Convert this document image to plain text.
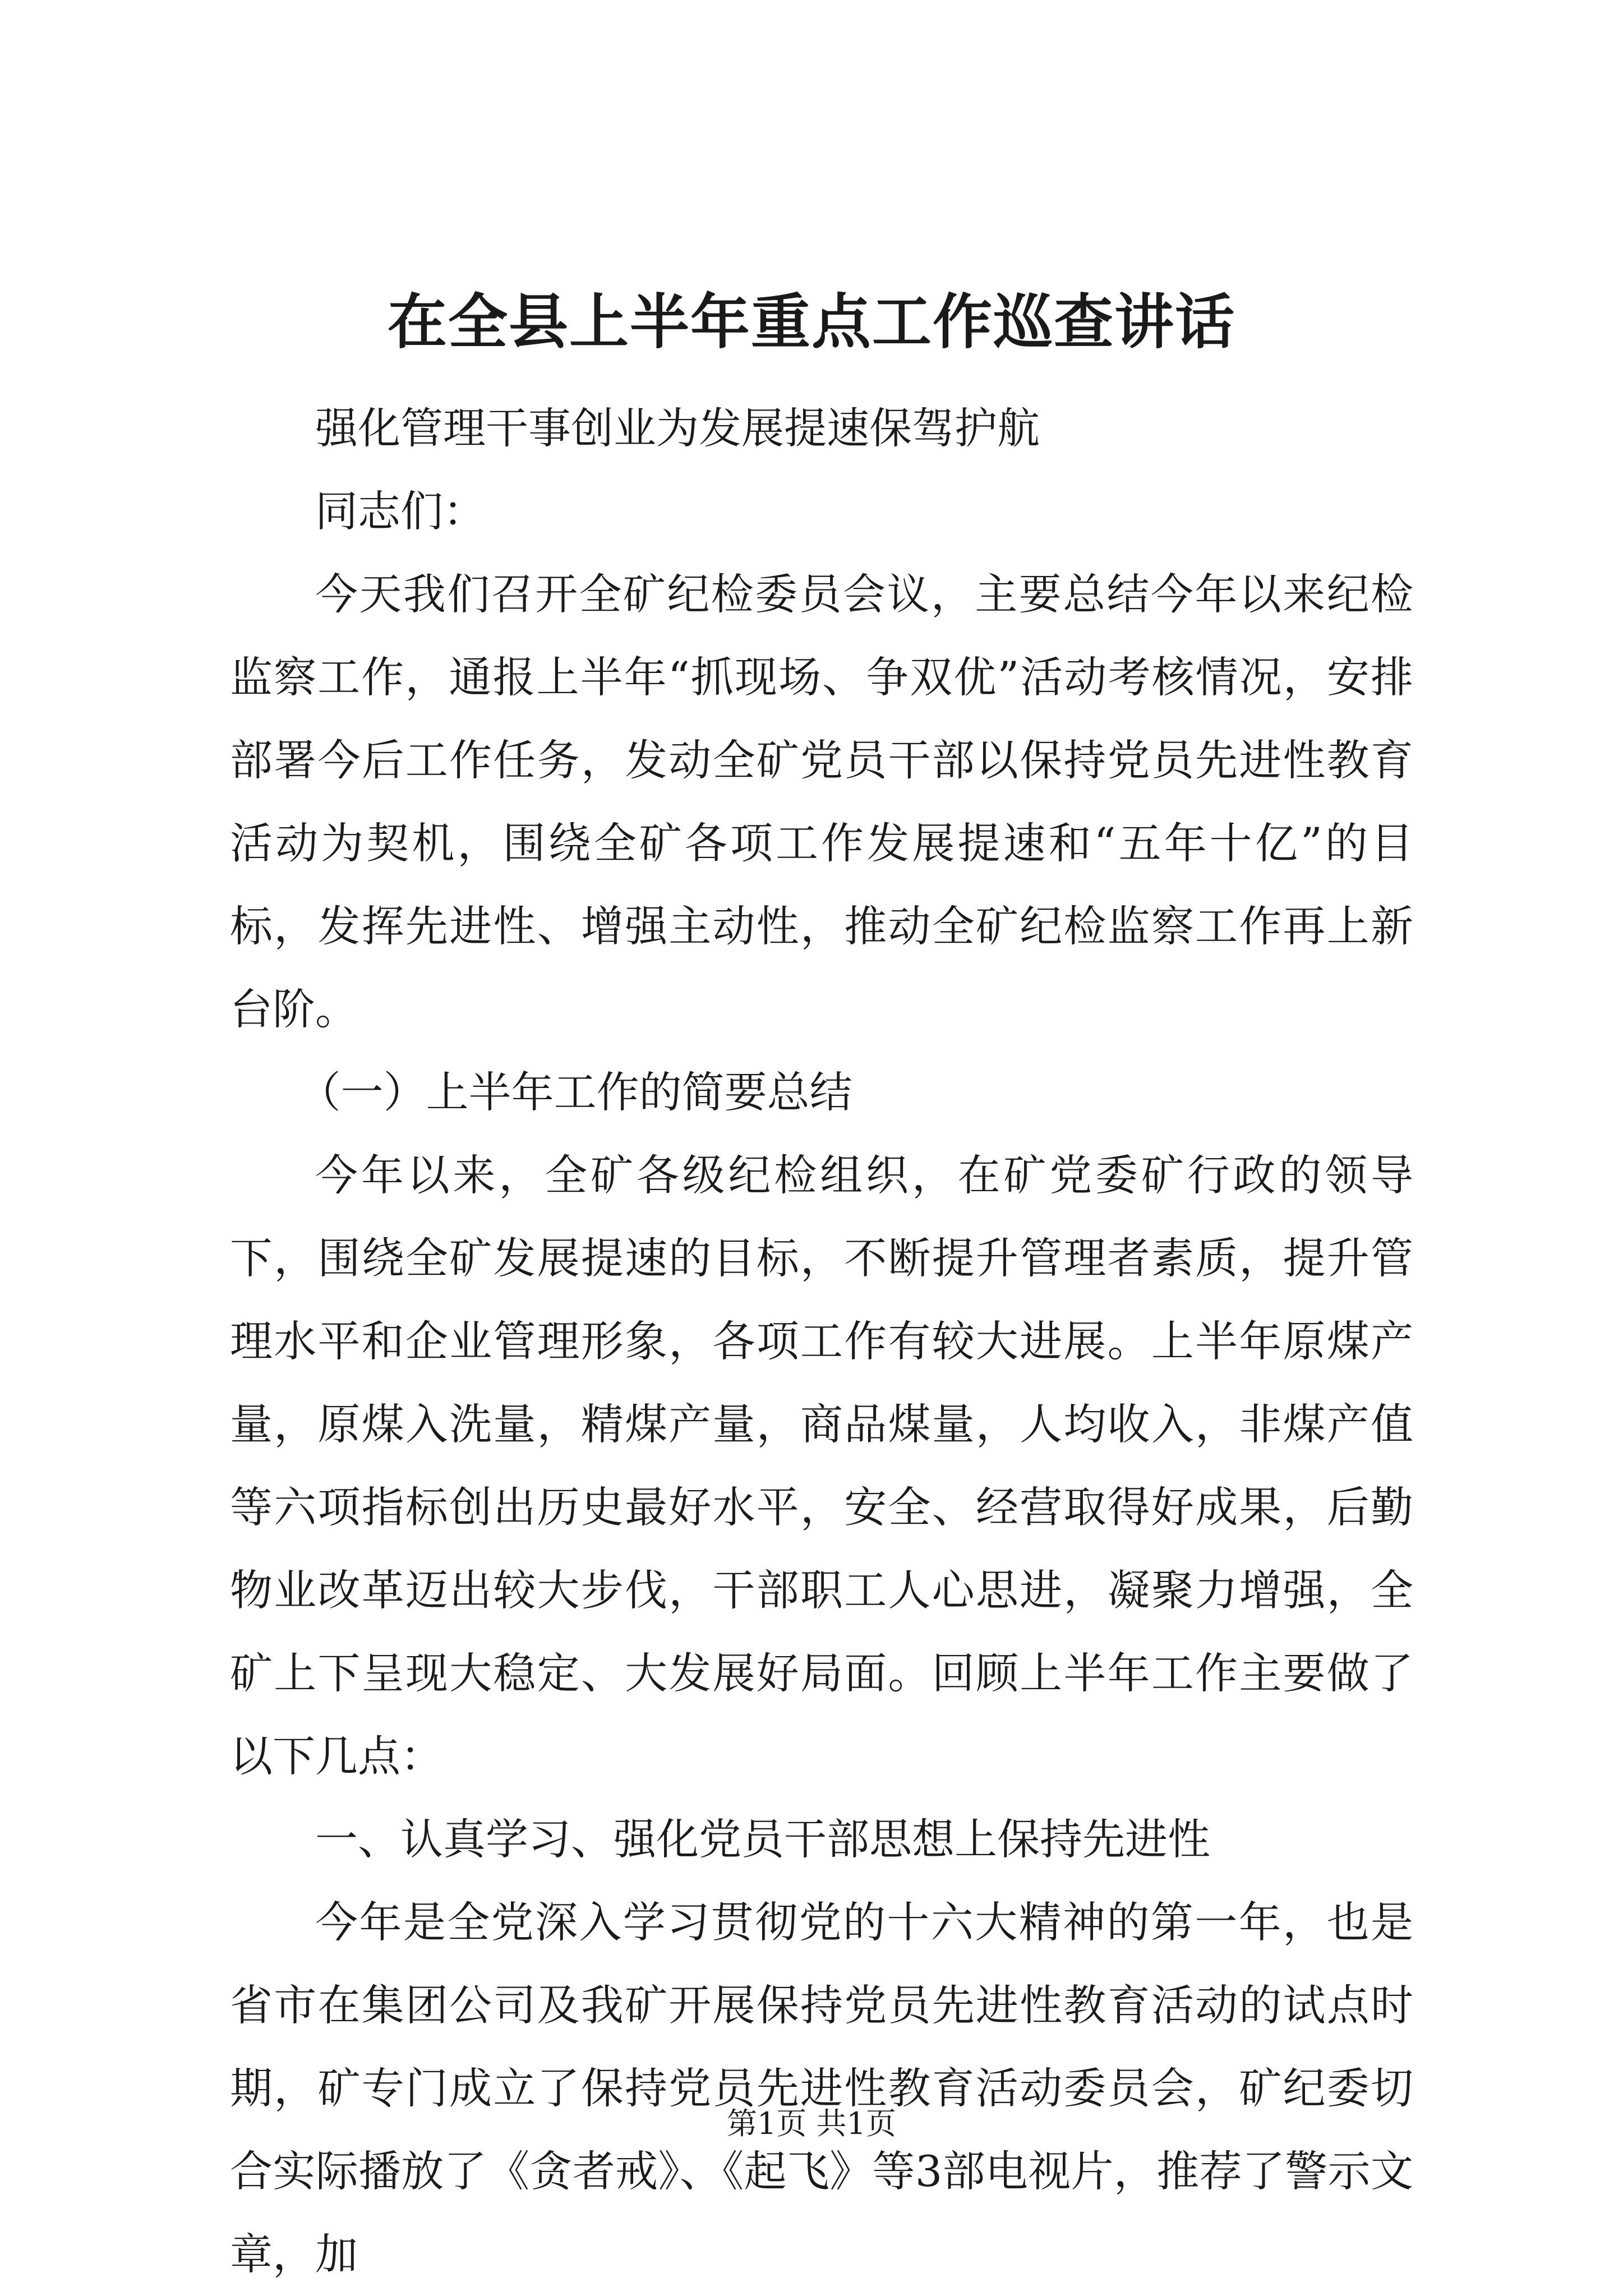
在全县上半年重点工作巡查讲话

强化管理干事创业为发展提速保驾护航

同志们：

今天我们召开全矿纪检委员会议，主要总结今年以来纪检监察工作，通报上半年“抓现场、争双优”活动考核情况，安排部署今后工作任务，发动全矿党员干部以保持党员先进性教育活动为契机，围绕全矿各项工作发展提速和“五年十亿”的目标，发挥先进性、增强主动性，推动全矿纪检监察工作再上新台阶。

（一）上半年工作的简要总结

今年以来，全矿各级纪检组织，在矿党委矿行政的领导下，围绕全矿发展提速的目标，不断提升管理者素质，提升管理水平和企业管理形象，各项工作有较大进展。上半年原煤产量，原煤入洗量，精煤产量，商品煤量，人均收入，非煤产值等六项指标创出历史最好水平，安全、经营取得好成果，后勤物业改革迈出较大步伐，干部职工人心思进，凝聚力增强，全矿上下呈现大稳定、大发展好局面。回顾上半年工作主要做了以下几点：

一、认真学习、强化党员干部思想上保持先进性

今年是全党深入学习贯彻党的十六大精神的第一年，也是省市在集团公司及我矿开展保持党员先进性教育活动的试点时期，矿专门成立了保持党员先进性教育活动委员会，矿纪委切合实际播放了《贪者戒》、《起飞》等3部电视片，推荐了警示文章，加

第1页 共1页
